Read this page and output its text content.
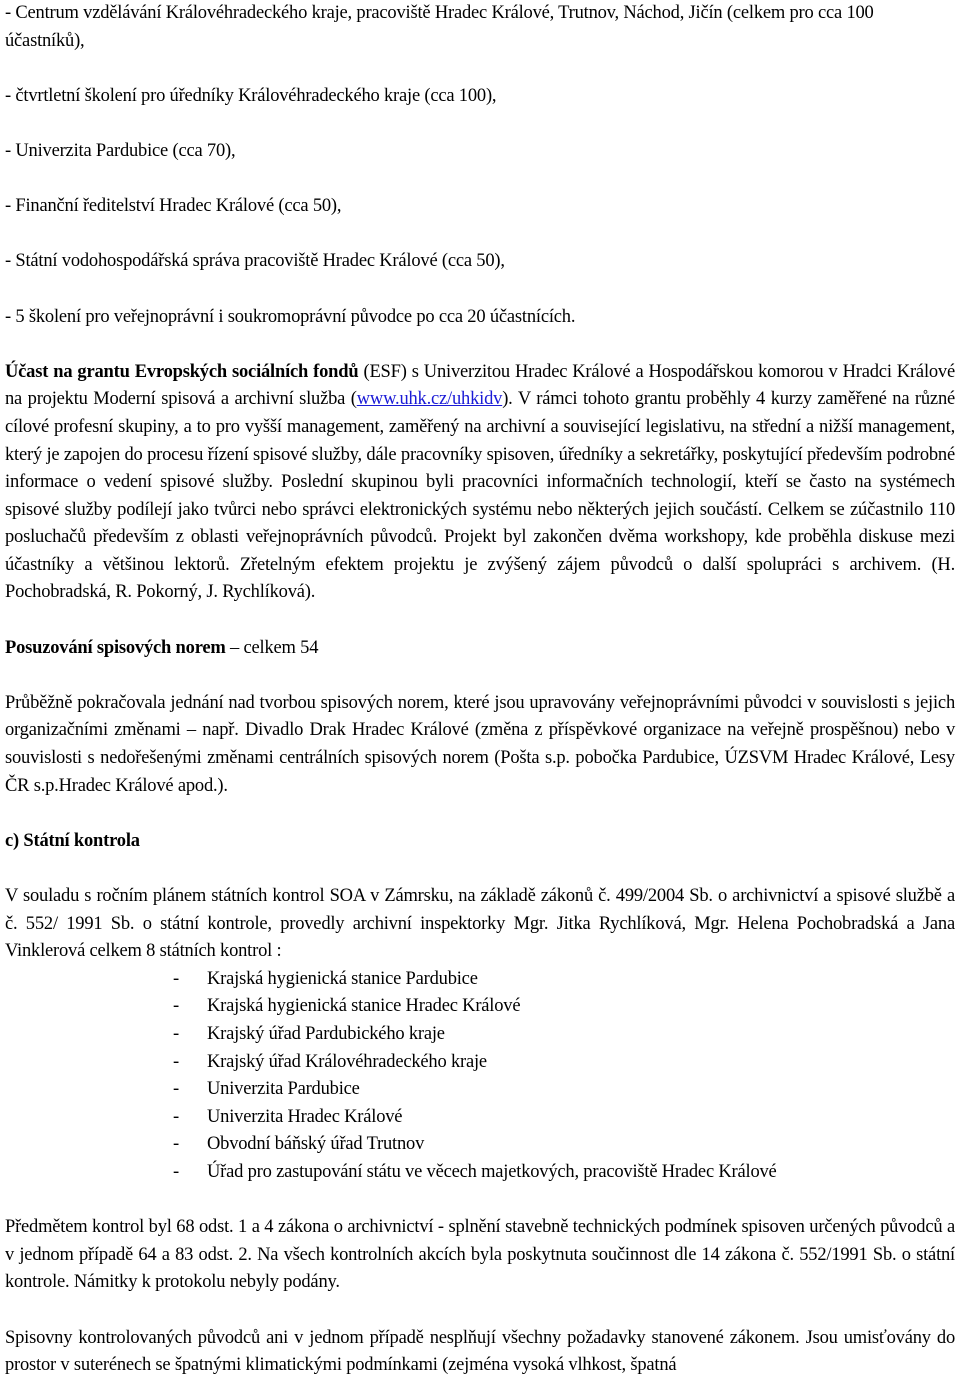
- Centrum vzdělávání Královéhradeckého kraje, pracoviště Hradec Králové, Trutnov, Náchod, Jičín (celkem pro cca 100 účastníků),

- čtvrtletní školení pro úředníky Královéhradeckého kraje (cca 100),

- Univerzita Pardubice (cca 70),

- Finanční ředitelství Hradec Králové (cca 50),

- Státní vodohospodářská správa pracoviště Hradec Králové (cca 50),

- 5 školení pro veřejnoprávní i soukromoprávní původce po cca 20 účastnících.

Účast na grantu Evropských sociálních fondů (ESF) s Univerzitou Hradec Králové a Hospodářskou komorou v Hradci Králové na projektu Moderní spisová a archivní služba (www.uhk.cz/uhkidv). V rámci tohoto grantu proběhly 4 kurzy zaměřené na různé cílové profesní skupiny, a to pro vyšší management, zaměřený na archivní a související legislativu, na střední a nižší management, který je zapojen do procesu řízení spisové služby, dále pracovníky spisoven, úředníky a sekretářky, poskytující především podrobné informace o vedení spisové služby. Poslední skupinou byli pracovníci informačních technologií, kteří se často na systémech spisové služby podílejí jako tvůrci nebo správci elektronických systému nebo některých jejich součástí. Celkem se zúčastnilo 110 posluchačů především z oblasti veřejnoprávních původců. Projekt byl zakončen dvěma workshopy, kde proběhla diskuse mezi účastníky a většinou lektorů. Zřetelným efektem projektu je zvýšený zájem původců o další spolupráci s archivem. (H. Pochobradská, R. Pokorný, J. Rychlíková).

Posuzování spisových norem – celkem 54

Průběžně pokračovala jednání nad tvorbou spisových norem, které jsou upravovány veřejnoprávními původci v souvislosti s jejich organizačními změnami – např. Divadlo Drak Hradec Králové (změna z příspěvkové organizace na veřejně prospěšnou) nebo v souvislosti s nedořešenými změnami centrálních spisových norem (Pošta s.p. pobočka Pardubice, ÚZSVM Hradec Králové, Lesy ČR s.p.Hradec Králové apod.).

c) Státní kontrola

V souladu s ročním plánem státních kontrol SOA v Zámrsku, na základě zákonů č. 499/2004 Sb. o archivnictví a spisové službě a č. 552/ 1991 Sb. o státní kontrole, provedly archivní inspektorky Mgr. Jitka Rychlíková, Mgr. Helena Pochobradská a Jana Vinklerová celkem 8 státních kontrol :

-	Krajská hygienická stanice Pardubice
-	Krajská hygienická stanice Hradec Králové
-	Krajský úřad Pardubického kraje
-	Krajský úřad Královéhradeckého kraje
-	Univerzita Pardubice
-	Univerzita Hradec Králové
-	Obvodní báňský úřad Trutnov
-	Úřad pro zastupování státu ve věcech majetkových, pracoviště Hradec Králové

Předmětem kontrol byl 68 odst. 1 a 4 zákona o archivnictví - splnění stavebně technických podmínek spisoven určených původců a v jednom případě 64 a 83 odst. 2. Na všech kontrolních akcích byla poskytnuta součinnost dle 14 zákona č. 552/1991 Sb. o státní kontrole. Námitky k protokolu nebyly podány.

Spisovny kontrolovaných původců ani v jednom případě nesplňují všechny požadavky stanovené zákonem. Jsou umisťovány do prostor v suterénech se špatnými klimatickými podmínkami (zejména vysoká vlhkost, špatná
